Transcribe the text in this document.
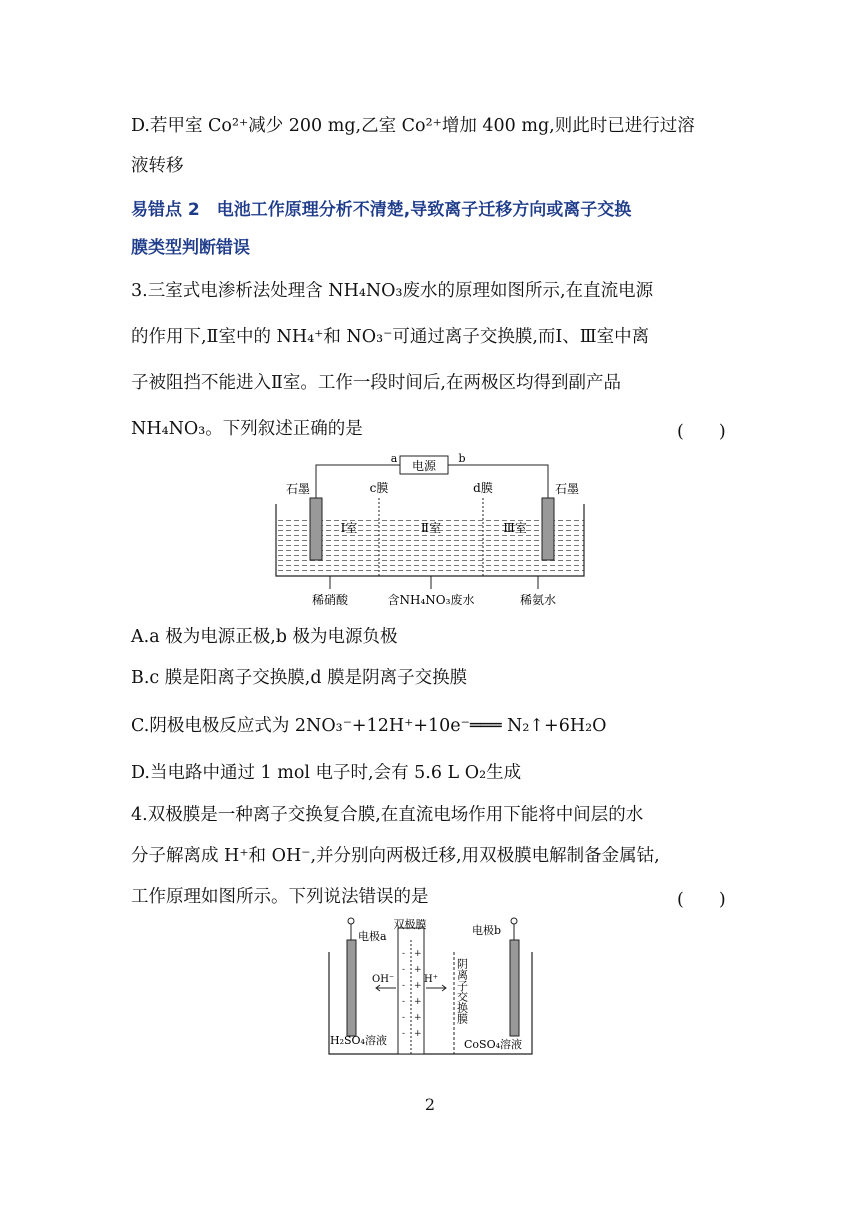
D.若甲室 Co²⁺减少 200 mg,乙室 Co²⁺增加 400 mg,则此时已进行过溶
液转移
易错点 2　电池工作原理分析不清楚,导致离子迁移方向或离子交换
膜类型判断错误
3.三室式电渗析法处理含 NH₄NO₃废水的原理如图所示,在直流电源
的作用下,Ⅱ室中的 NH₄⁺和 NO₃⁻可通过离子交换膜,而Ⅰ、Ⅲ室中离
子被阻挡不能进入Ⅱ室。工作一段时间后,在两极区均得到副产品
NH₄NO₃。下列叙述正确的是	(　　)
电源
a	b
石墨	石墨
c膜	d膜
Ⅰ室	Ⅱ室	Ⅲ室
稀硝酸	含NH₄NO₃废水	稀氨水
A.a 极为电源正极,b 极为电源负极
B.c 膜是阳离子交换膜,d 膜是阴离子交换膜
C.阴极电极反应式为 2NO₃⁻+12H⁺+10e⁻═══ N₂↑+6H₂O
D.当电路中通过 1 mol 电子时,会有 5.6 L O₂生成
4.双极膜是一种离子交换复合膜,在直流电场作用下能将中间层的水
分子解离成 H⁺和 OH⁻,并分别向两极迁移,用双极膜电解制备金属钴,
工作原理如图所示。下列说法错误的是	(　　)
- +
- +
- +
- +
- +
- +
电极a
双极膜	电极b
OH⁻	H⁺ 阴离子交换膜
H₂SO₄溶液	CoSO₄溶液
2
